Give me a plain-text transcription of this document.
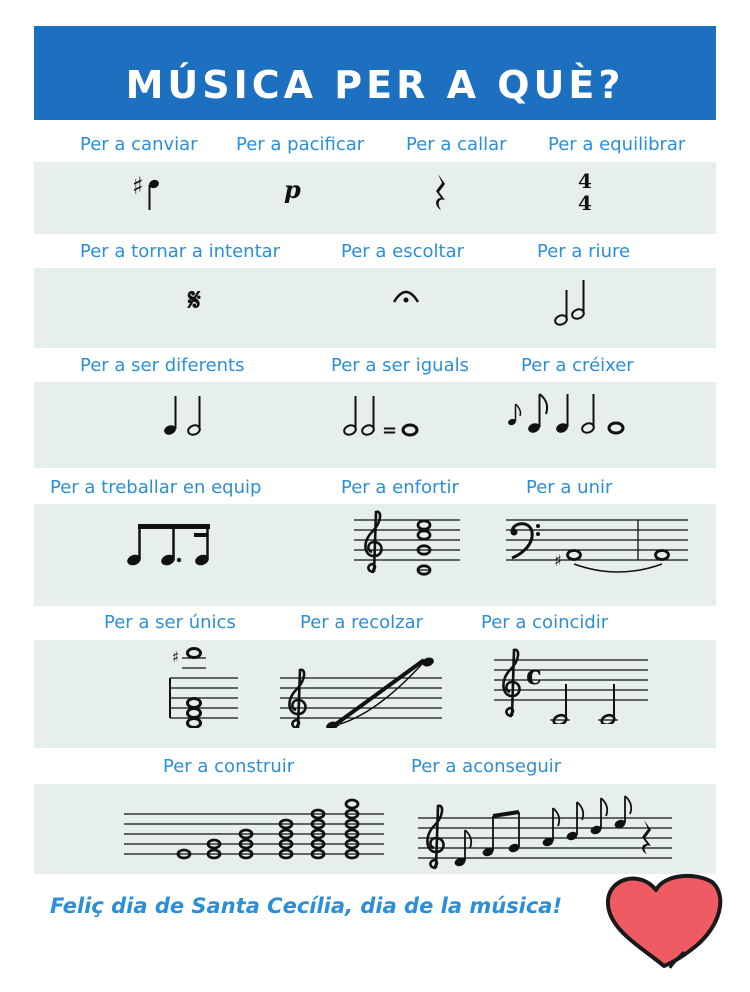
MÚSICA PER A QUÈ?
Per a canviar Per a pacificar Per a callar Per a equilibrar
♯	p	4
4
Per a tornar a intentar	Per a escoltar	Per a riure
𝄋
Per a ser diferents	Per a ser iguals	Per a créixer
=
Per a treballar en equip	Per a enfortir	Per a unir
♯
Per a ser únics	Per a recolzar	Per a coincidir
♯
c
Per a construir	Per a aconseguir
Feliç dia de Santa Cecília, dia de la música!
